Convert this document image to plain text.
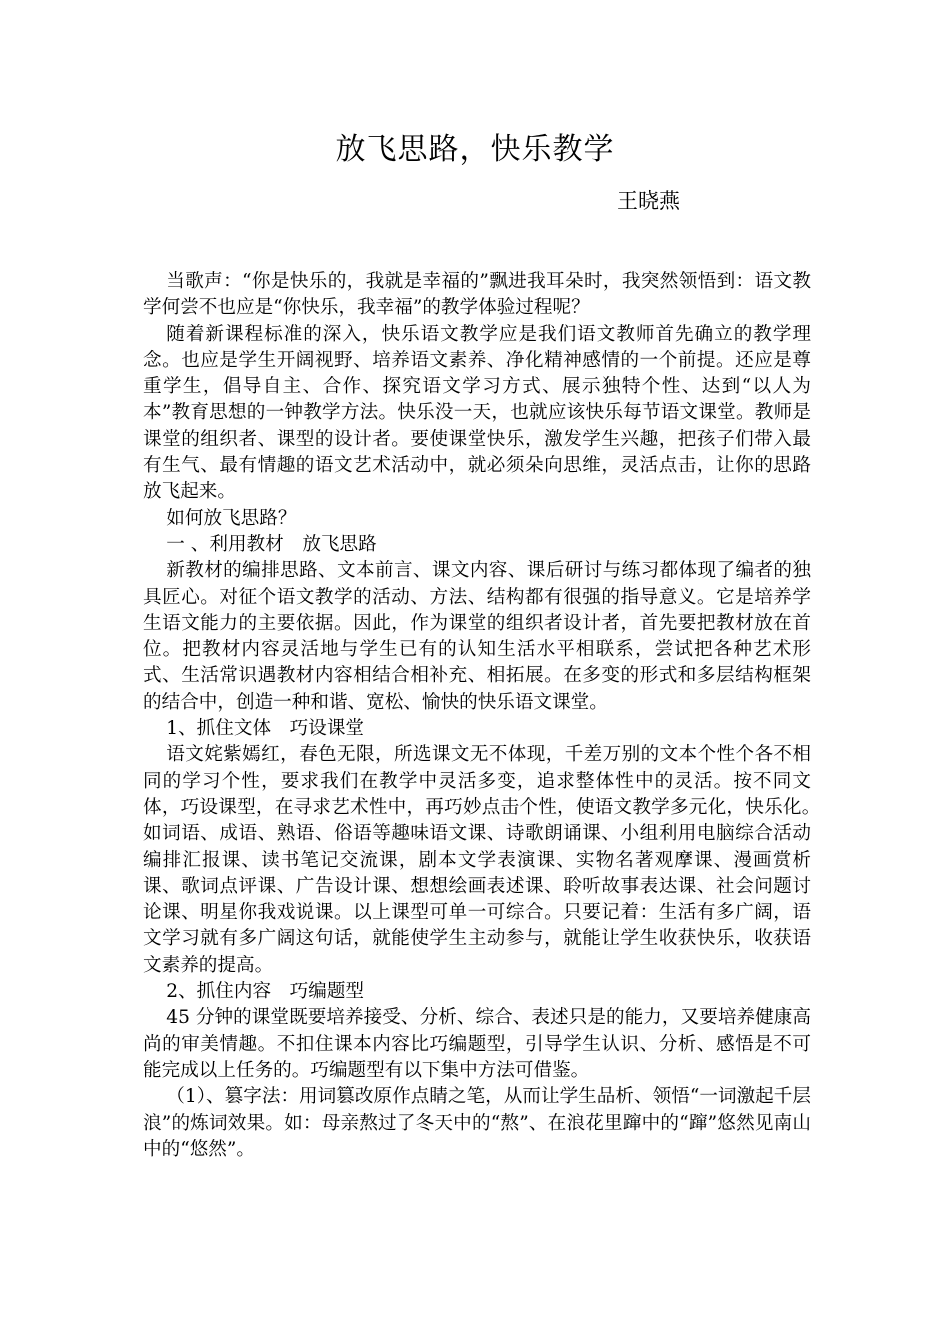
放飞思路，快乐教学
王晓燕

当歌声：“你是快乐的，我就是幸福的”飘进我耳朵时，我突然领悟到：语文教学何尝不也应是“你快乐，我幸福”的教学体验过程呢？

随着新课程标准的深入，快乐语文教学应是我们语文教师首先确立的教学理念。也应是学生开阔视野、培养语文素养、净化精神感情的一个前提。还应是尊重学生，倡导自主、合作、探究语文学习方式、展示独特个性、达到“以人为本”教育思想的一钟教学方法。快乐没一天，也就应该快乐每节语文课堂。教师是课堂的组织者、课型的设计者。要使课堂快乐，激发学生兴趣，把孩子们带入最有生气、最有情趣的语文艺术活动中，就必须朵向思维，灵活点击，让你的思路放飞起来。

如何放飞思路？

一 、利用教材　放飞思路

新教材的编排思路、文本前言、课文内容、课后研讨与练习都体现了编者的独具匠心。对征个语文教学的活动、方法、结构都有很强的指导意义。它是培养学生语文能力的主要依据。因此，作为课堂的组织者设计者，首先要把教材放在首位。把教材内容灵活地与学生已有的认知生活水平相联系，尝试把各种艺术形式、生活常识遇教材内容相结合相补充、相拓展。在多变的形式和多层结构框架的结合中，创造一种和谐、宽松、愉快的快乐语文课堂。

1、抓住文体　巧设课堂

语文姹紫嫣红，春色无限，所选课文无不体现，千差万别的文本个性个各不相同的学习个性，要求我们在教学中灵活多变，追求整体性中的灵活。按不同文体，巧设课型，在寻求艺术性中，再巧妙点击个性，使语文教学多元化，快乐化。　如词语、成语、熟语、俗语等趣味语文课、诗歌朗诵课、小组利用电脑综合活动编排汇报课、读书笔记交流课，剧本文学表演课、实物名著观摩课、漫画赏析课、歌词点评课、广告设计课、想想绘画表述课、聆听故事表达课、社会问题讨论课、明星你我戏说课。以上课型可单一可综合。只要记着：生活有多广阔，语文学习就有多广阔这句话，就能使学生主动参与，就能让学生收获快乐，收获语文素养的提高。

2、抓住内容　巧编题型

45 分钟的课堂既要培养接受、分析、综合、表述只是的能力，又要培养健康高尚的审美情趣。不扣住课本内容比巧编题型，引导学生认识、分析、感悟是不可能完成以上任务的。巧编题型有以下集中方法可借鉴。

（1）、篡字法：用词篡改原作点睛之笔，从而让学生品析、领悟“一词激起千层浪”的炼词效果。如：母亲熬过了冬天中的“熬”、在浪花里蹿中的“蹿”悠然见南山中的“悠然”。
